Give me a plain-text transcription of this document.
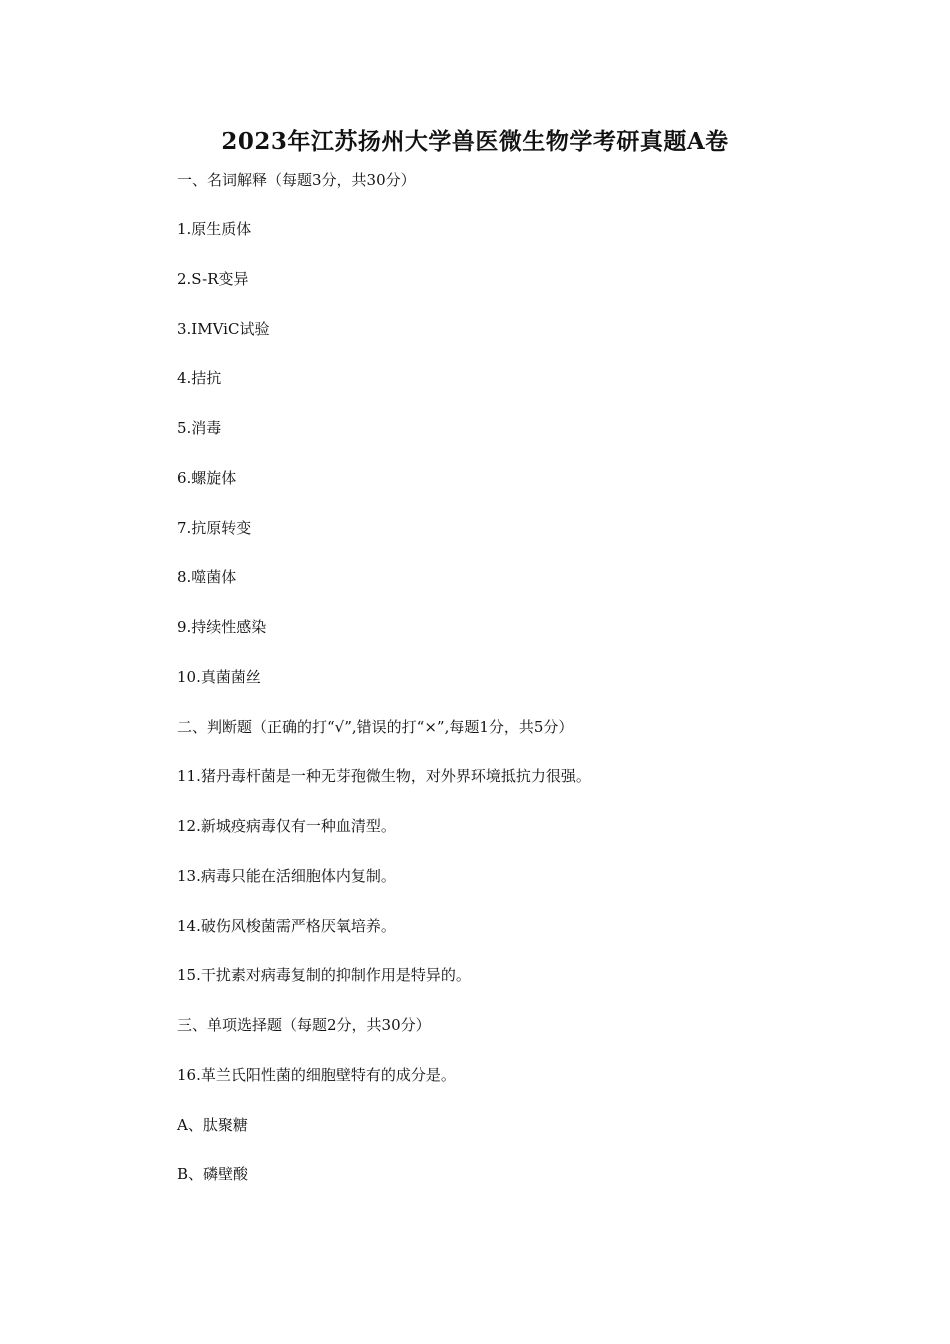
2023年江苏扬州大学兽医微生物学考研真题A卷

一、名词解释（每题3分，共30分）

1.原生质体

2.S-R变异

3.IMViC试验

4.拮抗

5.消毒

6.螺旋体

7.抗原转变

8.噬菌体

9.持续性感染

10.真菌菌丝

二、判断题（正确的打“√”,错误的打“×”,每题1分，共5分）

11.猪丹毒杆菌是一种无芽孢微生物，对外界环境抵抗力很强。

12.新城疫病毒仅有一种血清型。

13.病毒只能在活细胞体内复制。

14.破伤风梭菌需严格厌氧培养。

15.干扰素对病毒复制的抑制作用是特异的。

三、单项选择题（每题2分，共30分）

16.革兰氏阳性菌的细胞壁特有的成分是。

A、肽聚糖

B、磷壁酸
